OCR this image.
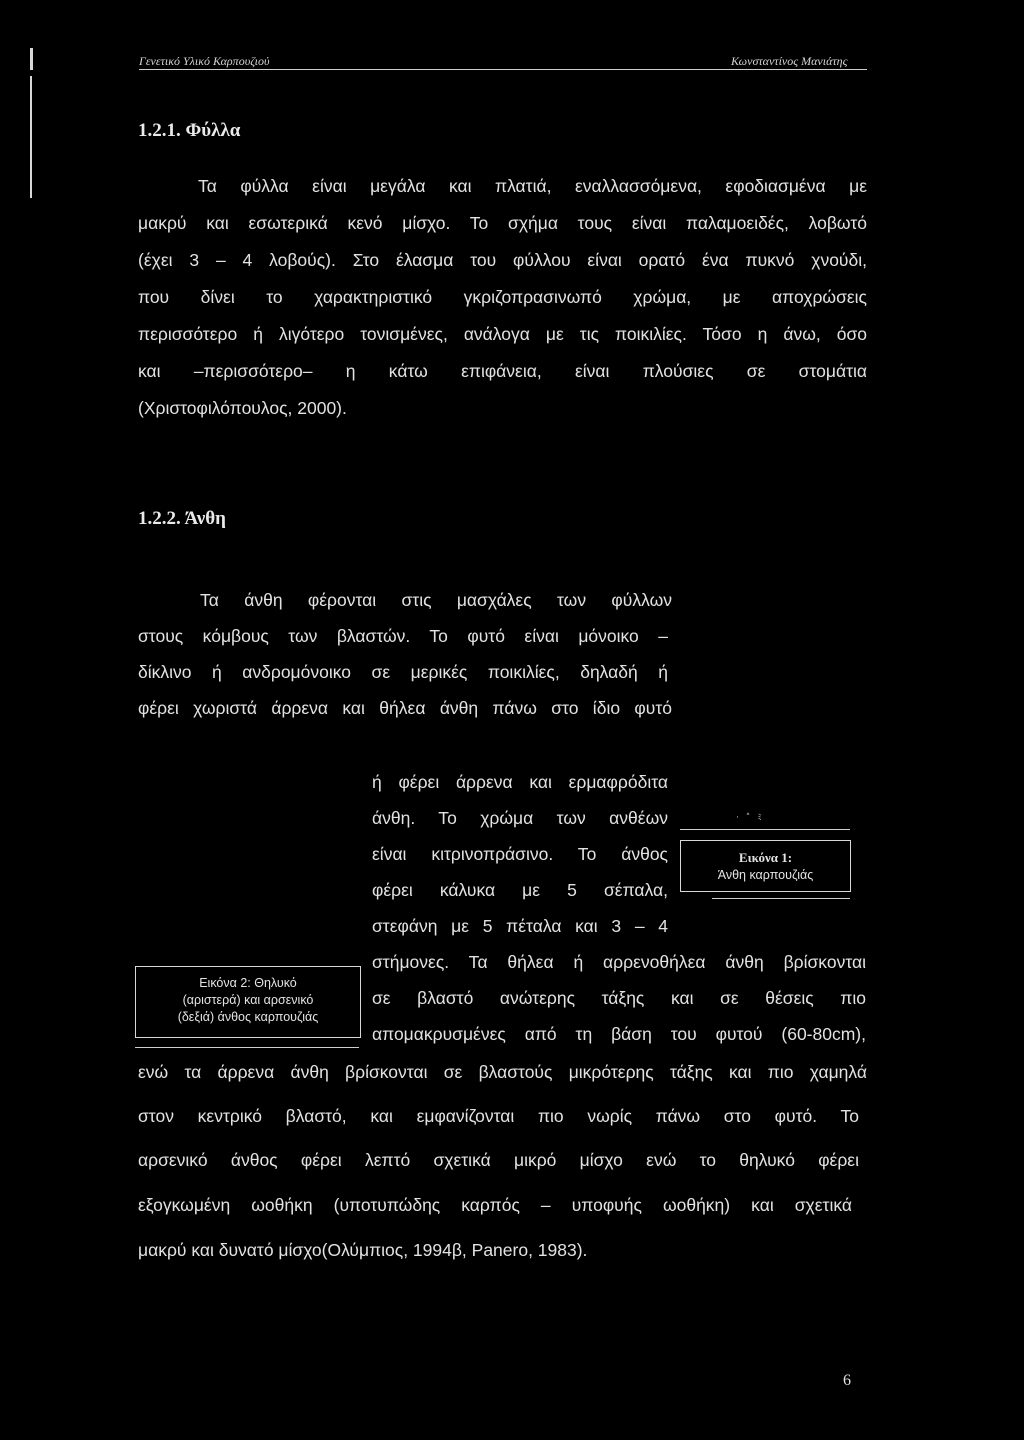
Γενετικό Υλικό Καρπουζιού	Κωνσταντίνος Μανιάτης
1.2.1. Φύλλα
Τα φύλλα είναι μεγάλα και πλατιά, εναλλασσόμενα, εφοδιασμένα με
μακρύ και εσωτερικά κενό μίσχο. Το σχήμα τους είναι παλαμοειδές, λοβωτό
(έχει 3 – 4 λοβούς). Στο έλασμα του φύλλου είναι ορατό ένα πυκνό χνούδι,
που δίνει το χαρακτηριστικό γκριζοπρασινωπό χρώμα, με αποχρώσεις
περισσότερο ή λιγότερο τονισμένες, ανάλογα με τις ποικιλίες. Τόσο η άνω, όσο
και –περισσότερο– η κάτω επιφάνεια, είναι πλούσιες σε στομάτια
(Χριστοφιλόπουλος, 2000).
1.2.2. Άνθη
Τα άνθη φέρονται στις μασχάλες των φύλλων
στους κόμβους των βλαστών. Το φυτό είναι μόνοικο –
δίκλινο ή ανδρομόνοικο σε μερικές ποικιλίες, δηλαδή ή
φέρει χωριστά άρρενα και θήλεα άνθη πάνω στο ίδιο φυτό
ή φέρει άρρενα και ερμαφρόδιτα
άνθη. Το χρώμα των ανθέων
είναι κιτρινοπράσινο. Το άνθος
φέρει κάλυκα με 5 σέπαλα,
στεφάνη με 5 πέταλα και 3 – 4
στήμονες. Τα θήλεα ή αρρενοθήλεα άνθη βρίσκονται
σε βλαστό ανώτερης τάξης και σε θέσεις πιο
απομακρυσμένες από τη βάση του φυτού (60-80cm),
ενώ τα άρρενα άνθη βρίσκονται σε βλαστούς μικρότερης τάξης και πιο χαμηλά
στον κεντρικό βλαστό, και εμφανίζονται πιο νωρίς πάνω στο φυτό. Το
αρσενικό άνθος φέρει λεπτό σχετικά μικρό μίσχο ενώ το θηλυκό φέρει
εξογκωμένη ωοθήκη (υποτυπώδης καρπός – υποφυής ωοθήκη) και σχετικά
μακρύ και δυνατό μίσχο(Ολύμπιος, 1994β, Panero, 1983).
· ˄ ﾐ
Εικόνα 1:
Άνθη καρπουζιάς
Εικόνα 2: Θηλυκό
(αριστερά) και αρσενικό
(δεξιά) άνθος καρπουζιάς
6
